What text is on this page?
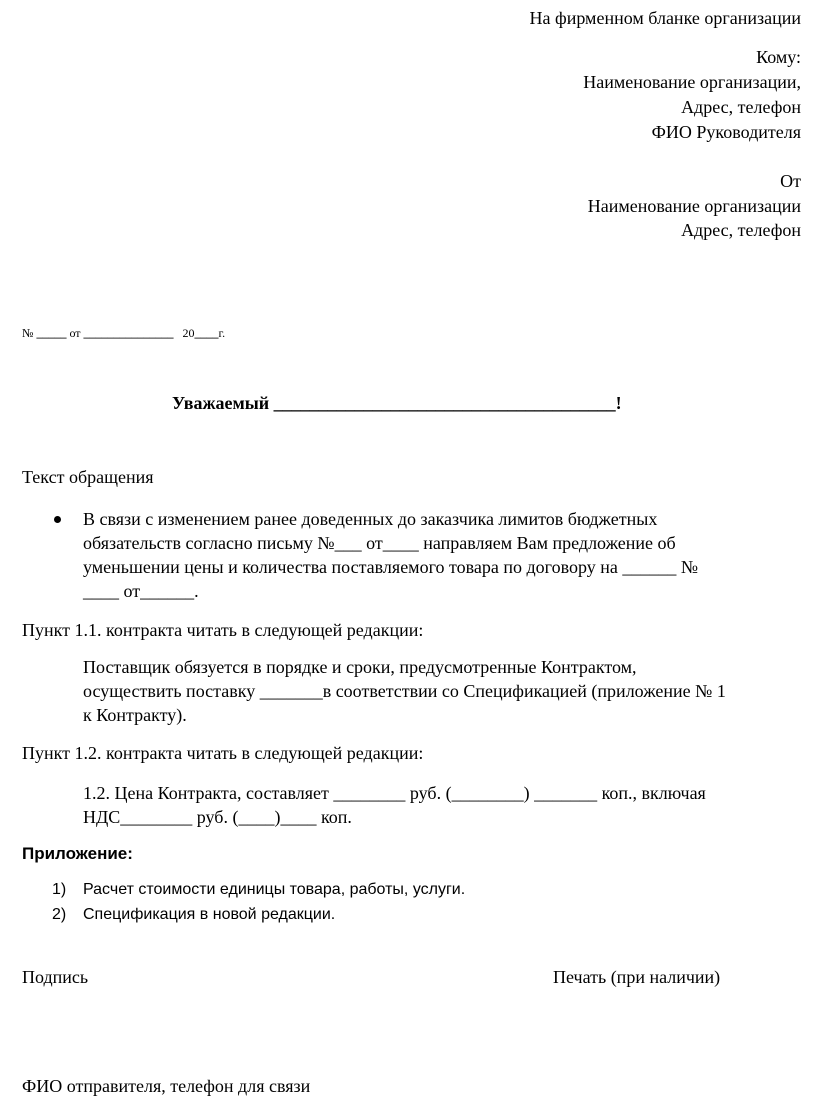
На фирменном бланке организации
Кому:
Наименование организации,
Адрес, телефон
ФИО Руководителя
От
Наименование организации
Адрес, телефон
№ _____ от _______________ 20____г.
Уважаемый ______________________________________!
Текст обращения
В связи с изменением ранее доведенных до заказчика лимитов бюджетных
обязательств согласно письму №___ от____ направляем Вам предложение об
уменьшении цены и количества поставляемого товара по договору на ______ №
____ от______.
Пункт 1.1. контракта читать в следующей редакции:
Поставщик обязуется в порядке и сроки, предусмотренные Контрактом,
осуществить поставку _______в соответствии со Спецификацией (приложение № 1
к Контракту).
Пункт 1.2. контракта читать в следующей редакции:
1.2. Цена Контракта, составляет ________ руб. (________) _______ коп., включая
НДС________ руб. (____)____ коп.
Приложение:
1) Расчет стоимости единицы товара, работы, услуги.
2) Спецификация в новой редакции.
Подпись	Печать (при наличии)
ФИО отправителя, телефон для связи
